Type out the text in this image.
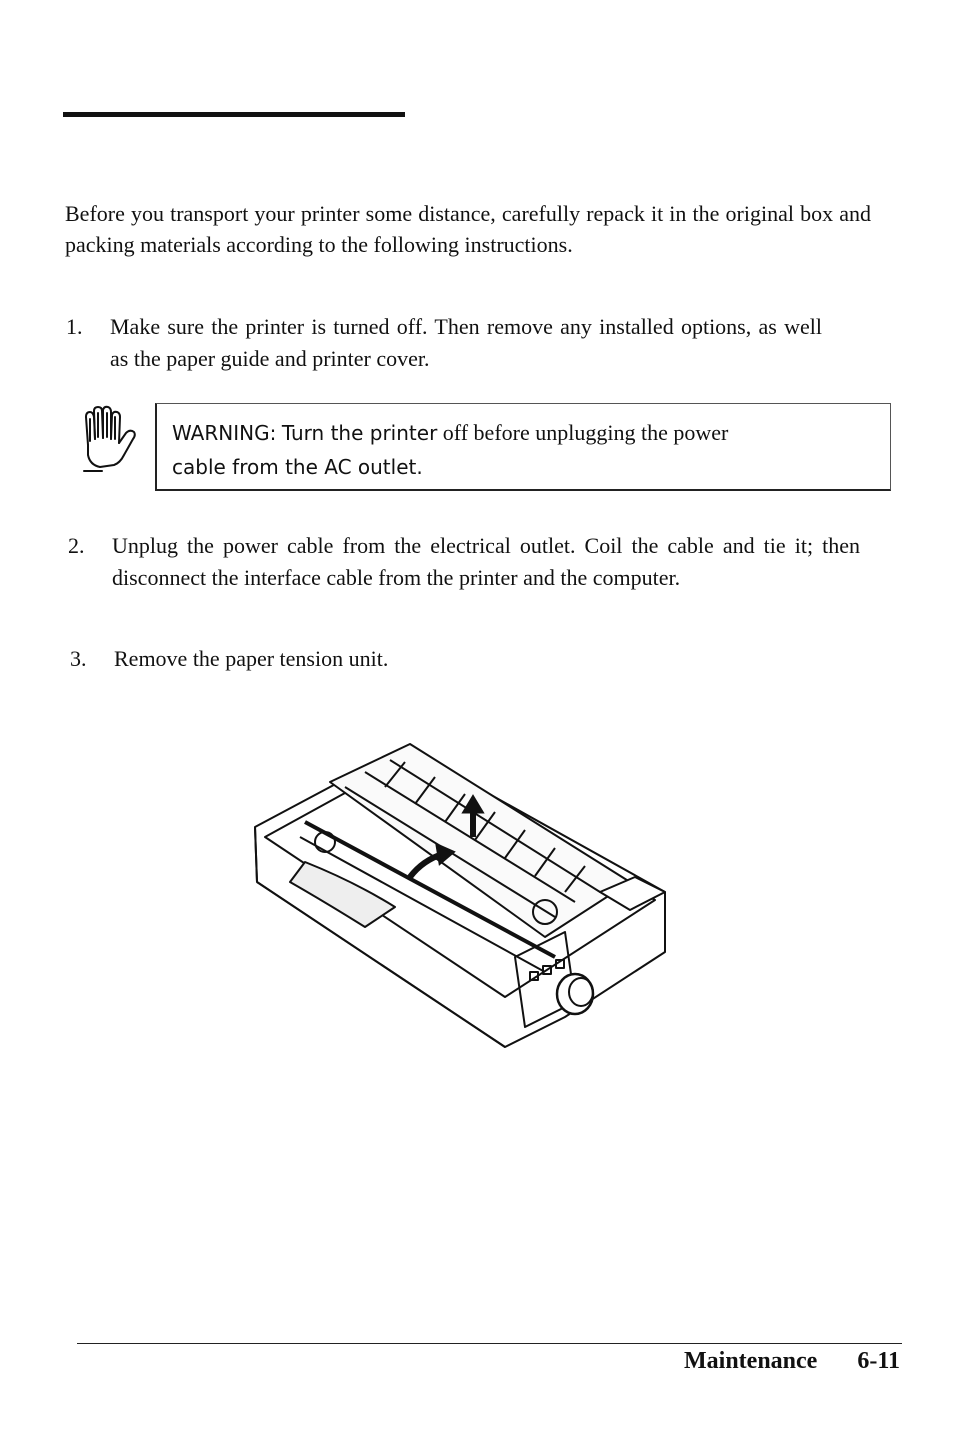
Before you transport your printer some distance, carefully repack it in the original box and packing materials according to the following instructions.
1. Make sure the printer is turned off. Then remove any installed options, as well as the paper guide and printer cover.
WARNING: Turn the printer off before unplugging the power
cable from the AC outlet.
2. Unplug the power cable from the electrical outlet. Coil the cable and tie it; then disconnect the interface cable from the printer and the computer.
3. Remove the paper tension unit.
Maintenance 6-11
